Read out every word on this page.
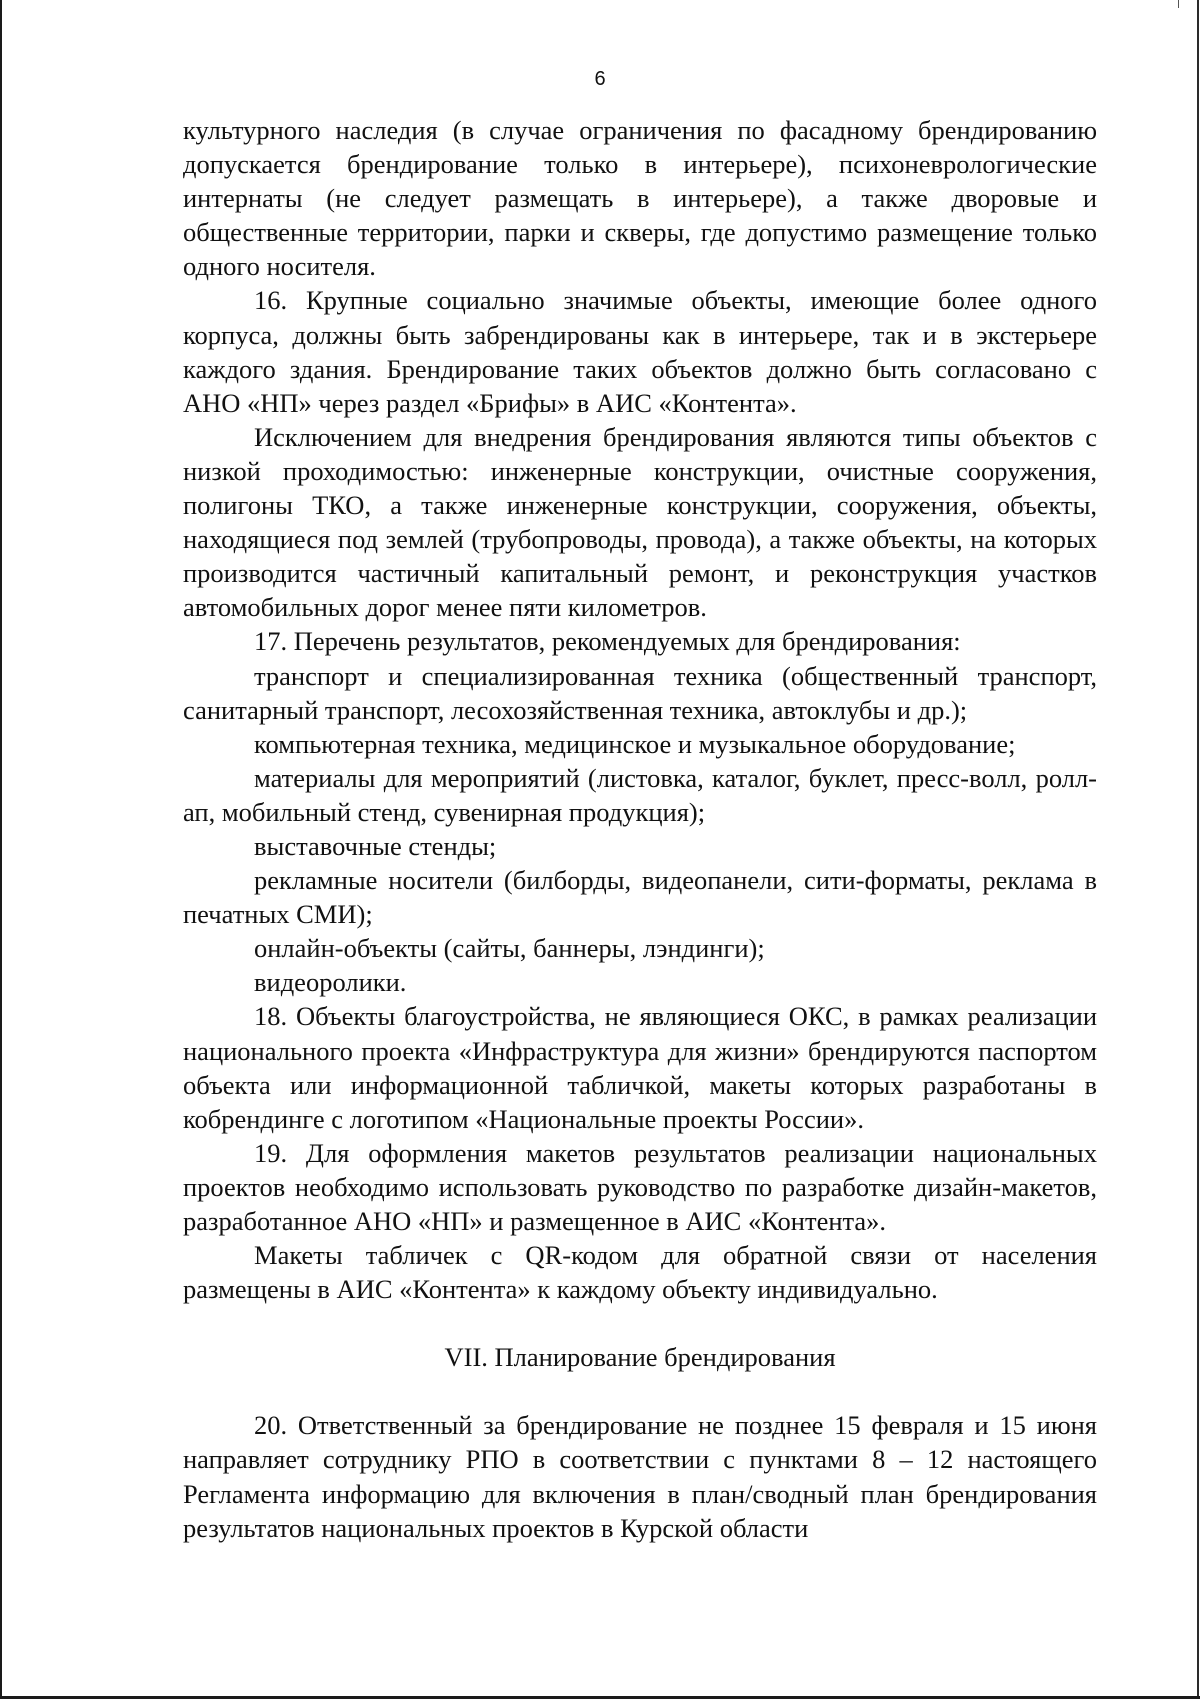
6

культурного наследия (в случае ограничения по фасадному брендированию допускается брендирование только в интерьере), психоневрологические интернаты (не следует размещать в интерьере), а также дворовые и общественные территории, парки и скверы, где допустимо размещение только одного носителя.

16. Крупные социально значимые объекты, имеющие более одного корпуса, должны быть забрендированы как в интерьере, так и в экстерьере каждого здания. Брендирование таких объектов должно быть согласовано с АНО «НП» через раздел «Брифы» в АИС «Контента».

Исключением для внедрения брендирования являются типы объектов с низкой проходимостью: инженерные конструкции, очистные сооружения, полигоны ТКО, а также инженерные конструкции, сооружения, объекты, находящиеся под землей (трубопроводы, провода), а также объекты, на которых производится частичный капитальный ремонт, и реконструкция участков автомобильных дорог менее пяти километров.

17. Перечень результатов, рекомендуемых для брендирования:

транспорт и специализированная техника (общественный транспорт, санитарный транспорт, лесохозяйственная техника, автоклубы и др.);

компьютерная техника, медицинское и музыкальное оборудование;

материалы для мероприятий (листовка, каталог, буклет, пресс-волл, ролл-ап, мобильный стенд, сувенирная продукция);

выставочные стенды;

рекламные носители (билборды, видеопанели, сити-форматы, реклама в печатных СМИ);

онлайн-объекты (сайты, баннеры, лэндинги);

видеоролики.

18. Объекты благоустройства, не являющиеся ОКС, в рамках реализации национального проекта «Инфраструктура для жизни» брендируются паспортом объекта или информационной табличкой, макеты которых разработаны в кобрендинге с логотипом «Национальные проекты России».

19. Для оформления макетов результатов реализации национальных проектов необходимо использовать руководство по разработке дизайн-макетов, разработанное АНО «НП» и размещенное в АИС «Контента».

Макеты табличек с QR-кодом для обратной связи от населения размещены в АИС «Контента» к каждому объекту индивидуально.

VII. Планирование брендирования

20. Ответственный за брендирование не позднее 15 февраля и 15 июня направляет сотруднику РПО в соответствии с пунктами 8 – 12 настоящего Регламента информацию для включения в план/сводный план брендирования результатов национальных проектов в Курской области
